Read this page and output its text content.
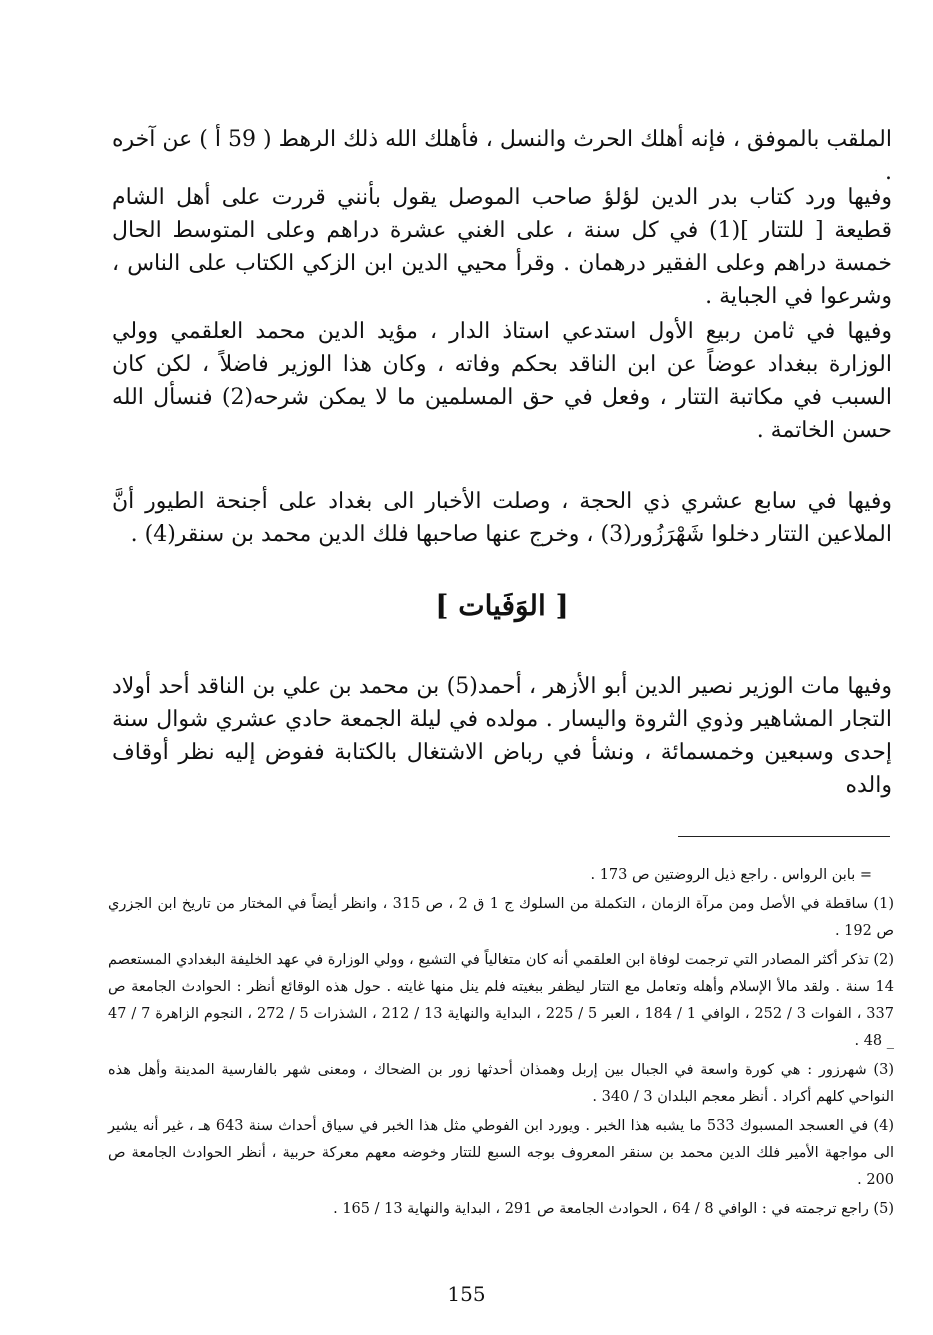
الملقب بالموفق ، فإنه أهلك الحرث والنسل ، فأهلك الله ذلك الرهط ( 59 أ ) عن آخره .

وفيها ورد كتاب بدر الدين لؤلؤ صاحب الموصل يقول بأنني قررت على أهل الشام قطيعة [ للتتار ](1) في كل سنة ، على الغني عشرة دراهم وعلى المتوسط الحال خمسة دراهم وعلى الفقير درهمان . وقرأ محيي الدين ابن الزكي الكتاب على الناس ، وشرعوا في الجباية .

وفيها في ثامن ربيع الأول استدعي استاذ الدار ، مؤيد الدين محمد العلقمي وولي الوزارة ببغداد عوضاً عن ابن الناقد بحكم وفاته ، وكان هذا الوزير فاضلاً ، لكن كان السبب في مكاتبة التتار ، وفعل في حق المسلمين ما لا يمكن شرحه(2) فنسأل الله حسن الخاتمة .

وفيها في سابع عشري ذي الحجة ، وصلت الأخبار الى بغداد على أجنحة الطيور أنَّ الملاعين التتار دخلوا شَهْرَزُور(3) ، وخرج عنها صاحبها فلك الدين محمد بن سنقر(4) .

[ الوَفَيات ]

وفيها مات الوزير نصير الدين أبو الأزهر ، أحمد(5) بن محمد بن علي بن الناقد أحد أولاد التجار المشاهير وذوي الثروة واليسار . مولده في ليلة الجمعة حادي عشري شوال سنة إحدى وسبعين وخمسمائة ، ونشأ في رباض الاشتغال بالكتابة ففوض إليه نظر أوقاف والده

= بابن الرواس . راجع ذيل الروضتين ص 173 .

(1) ساقطة في الأصل ومن مرآة الزمان ، التكملة من السلوك ج 1 ق 2 ، ص 315 ، وانظر أيضاً في المختار من تاريخ ابن الجزري ص 192 .

(2) تذكر أكثر المصادر التي ترجمت لوفاة ابن العلقمي أنه كان متغالياً في التشيع ، وولي الوزارة في عهد الخليفة البغدادي المستعصم 14 سنة . ولقد مالأ الإسلام وأهله وتعامل مع التتار ليظفر ببغيته فلم ينل منها غايته . حول هذه الوقائع أنظر : الحوادث الجامعة ص 337 ، الفوات 3 / 252 ، الوافي 1 / 184 ، العبر 5 / 225 ، البداية والنهاية 13 / 212 ، الشذرات 5 / 272 ، النجوم الزاهرة 7 / 47 _ 48 .

(3) شهرزور : هي كورة واسعة في الجبال بين إربل وهمذان أحدثها زور بن الضحاك ، ومعنى شهر بالفارسية المدينة وأهل هذه النواحي كلهم أكراد . أنظر معجم البلدان 3 / 340 .

(4) في العسجد المسبوك 533 ما يشبه هذا الخبر . ويورد ابن الفوطي مثل هذا الخبر في سياق أحداث سنة 643 هـ ، غير أنه يشير الى مواجهة الأمير فلك الدين محمد بن سنقر المعروف بوجه السبع للتتار وخوضه معهم معركة حربية ، أنظر الحوادث الجامعة ص 200 .

(5) راجع ترجمته في : الوافي 8 / 64 ، الحوادث الجامعة ص 291 ، البداية والنهاية 13 / 165 .

155
